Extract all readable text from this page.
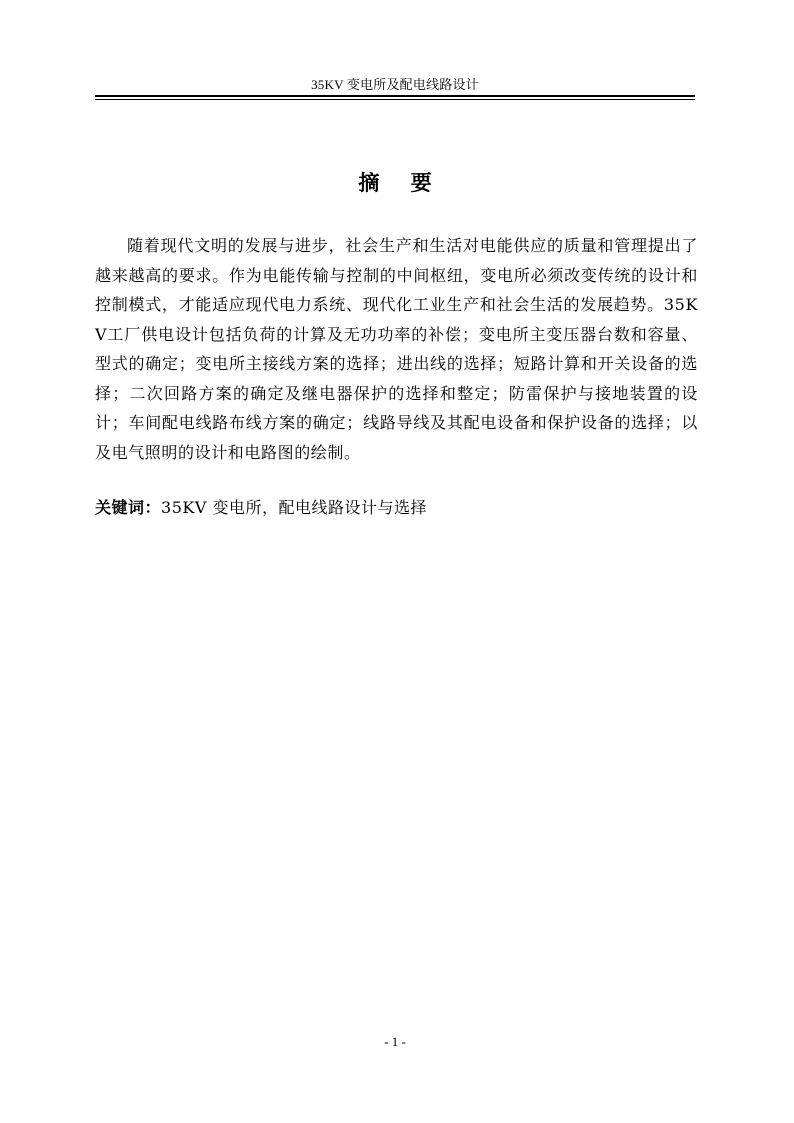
35KV 变电所及配电线路设计
摘 要

随着现代文明的发展与进步，社会生产和生活对电能供应的质量和管理提出了越来越高的要求。作为电能传输与控制的中间枢纽，变电所必须改变传统的设计和控制模式，才能适应现代电力系统、现代化工业生产和社会生活的发展趋势。35KV工厂供电设计包括负荷的计算及无功功率的补偿；变电所主变压器台数和容量、型式的确定；变电所主接线方案的选择；进出线的选择；短路计算和开关设备的选择；二次回路方案的确定及继电器保护的选择和整定；防雷保护与接地装置的设计；车间配电线路布线方案的确定；线路导线及其配电设备和保护设备的选择；以及电气照明的设计和电路图的绘制。

关键词：35KV 变电所，配电线路设计与选择
- 1 -
